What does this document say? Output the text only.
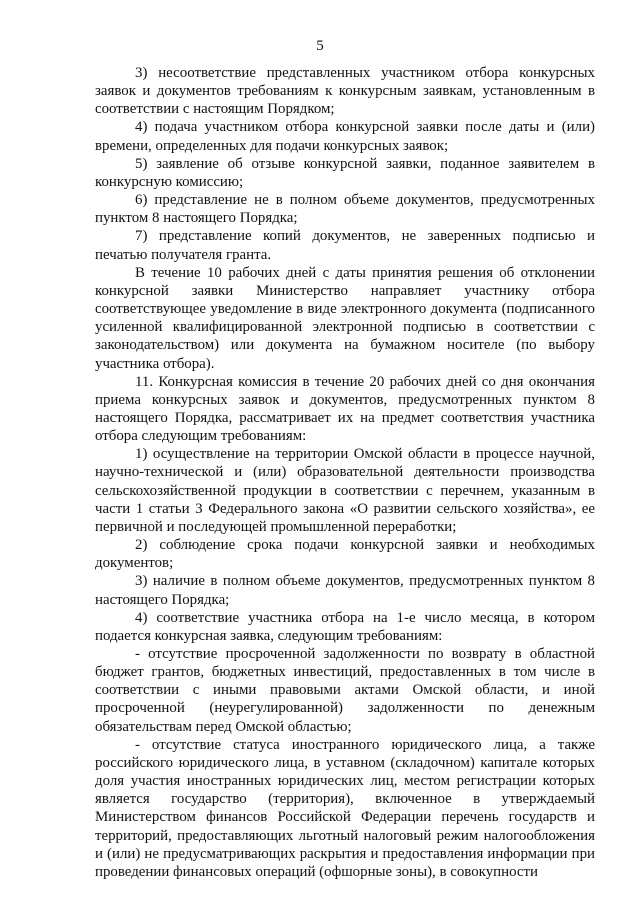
5

3) несоответствие представленных участником отбора конкурсных заявок и документов требованиям к конкурсным заявкам, установленным в соответствии с настоящим Порядком;

4) подача участником отбора конкурсной заявки после даты и (или) времени, определенных для подачи конкурсных заявок;

5) заявление об отзыве конкурсной заявки, поданное заявителем в конкурсную комиссию;

6) представление не в полном объеме документов, предусмотренных пунктом 8 настоящего Порядка;

7) представление копий документов, не заверенных подписью и печатью получателя гранта.

В течение 10 рабочих дней с даты принятия решения об отклонении конкурсной заявки Министерство направляет участнику отбора соответствующее уведомление в виде электронного документа (подписанного усиленной квалифицированной электронной подписью в соответствии с законодательством) или документа на бумажном носителе (по выбору участника отбора).

11. Конкурсная комиссия в течение 20 рабочих дней со дня окончания приема конкурсных заявок и документов, предусмотренных пунктом 8 настоящего Порядка, рассматривает их на предмет соответствия участника отбора следующим требованиям:

1) осуществление на территории Омской области в процессе научной, научно-технической и (или) образовательной деятельности производства сельскохозяйственной продукции в соответствии с перечнем, указанным в части 1 статьи 3 Федерального закона «О развитии сельского хозяйства», ее первичной и последующей промышленной переработки;

2) соблюдение срока подачи конкурсной заявки и необходимых документов;

3) наличие в полном объеме документов, предусмотренных пунктом 8 настоящего Порядка;

4) соответствие участника отбора на 1-е число месяца, в котором подается конкурсная заявка, следующим требованиям:

- отсутствие просроченной задолженности по возврату в областной бюджет грантов, бюджетных инвестиций, предоставленных в том числе в соответствии с иными правовыми актами Омской области, и иной просроченной (неурегулированной) задолженности по денежным обязательствам перед Омской областью;

- отсутствие статуса иностранного юридического лица, а также российского юридического лица, в уставном (складочном) капитале которых доля участия иностранных юридических лиц, местом регистрации которых является государство (территория), включенное в утверждаемый Министерством финансов Российской Федерации перечень государств и территорий, предоставляющих льготный налоговый режим налогообложения и (или) не предусматривающих раскрытия и предоставления информации при проведении финансовых операций (офшорные зоны), в совокупности
